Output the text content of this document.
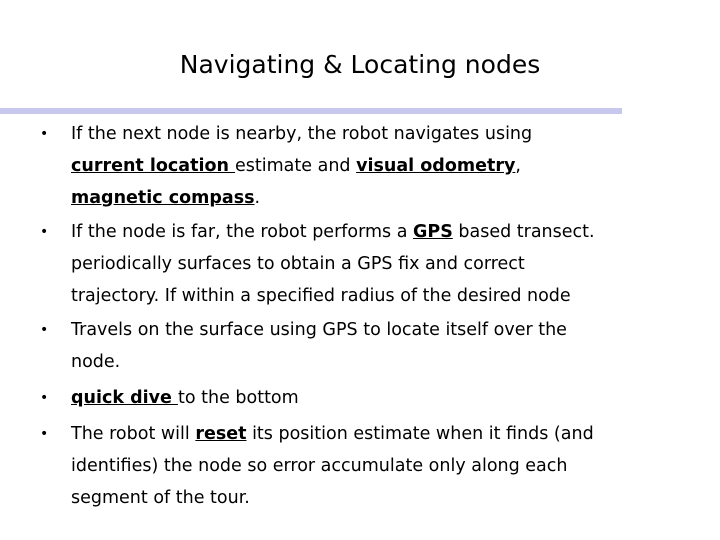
Navigating & Locating nodes
• If the next node is nearby, the robot navigates using
current location estimate and visual odometry,
magnetic compass.
• If the node is far, the robot performs a GPS based transect.
periodically surfaces to obtain a GPS fix and correct
trajectory. If within a specified radius of the desired node
• Travels on the surface using GPS to locate itself over the
node.
• quick dive to the bottom
• The robot will reset its position estimate when it finds (and
identifies) the node so error accumulate only along each
segment of the tour.
